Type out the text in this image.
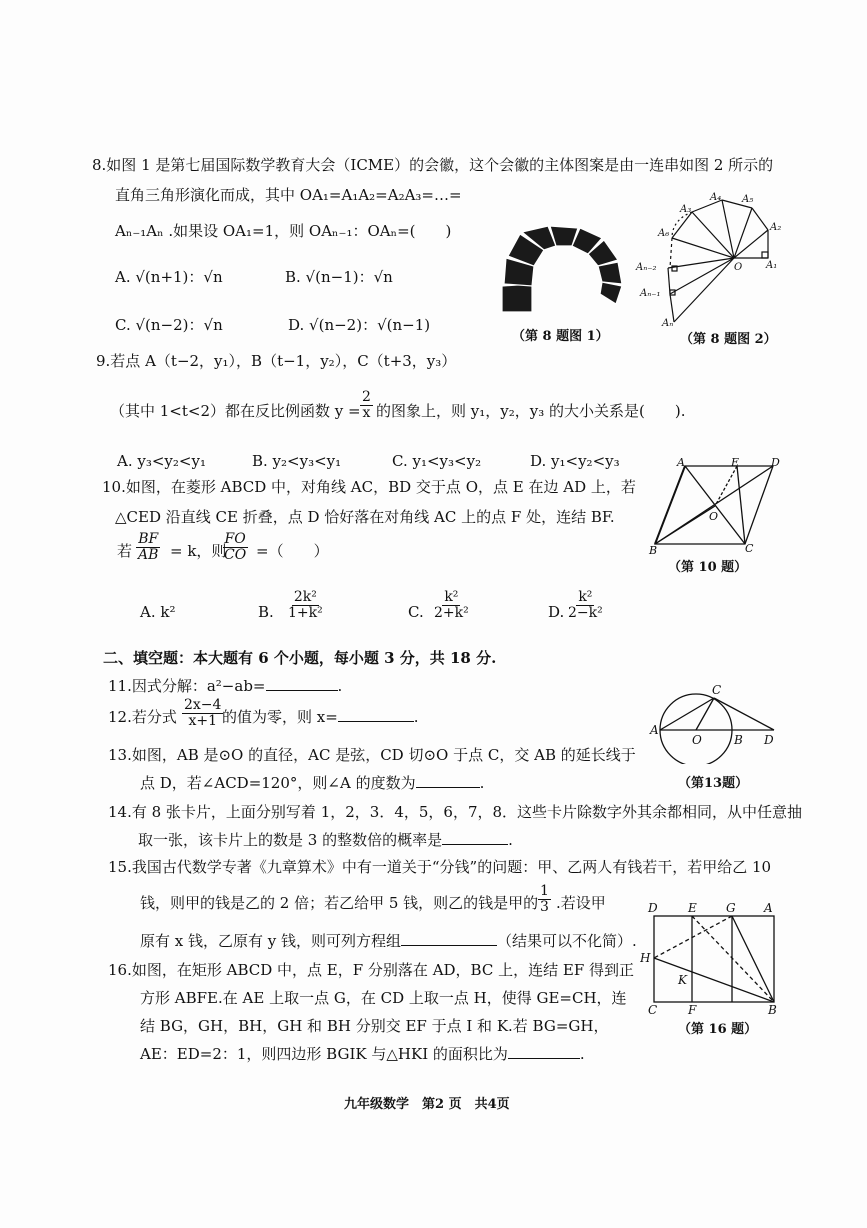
8.如图 1 是第七届国际数学教育大会（ICME）的会徽，这个会徽的主体图案是由一连串如图 2 所示的
直角三角形演化而成，其中 OA₁=A₁A₂=A₂A₃=…=
Aₙ₋₁Aₙ .如果设 OA₁=1，则 OAₙ₋₁：OAₙ=(　　)
A. √(n+1)：√n	B. √(n−1)：√n
C. √(n−2)：√n	D. √(n−2)：√(n−1)
（第 8 题图 1）
A₃
A₄ A₅
A₆
A₂
O A₁
Aₙ₋₂
Aₙ₋₁
Aₙ
（第 8 题图 2）
9.若点 A（t−2，y₁），B（t−1，y₂），C（t+3，y₃）
（其中 1<t<2）都在反比例函数 $y = \frac{2}{x}$ 的图象上，则 y₁，y₂，y₃ 的大小关系是(　　).
A. y₃<y₂<y₁	B. y₂<y₃<y₁	C. y₁<y₃<y₂	D. y₁<y₂<y₃
10.如图，在菱形 ABCD 中，对角线 AC，BD 交于点 O，点 E 在边 AD 上，若
△CED 沿直线 CE 折叠，点 D 恰好落在对角线 AC 上的点 F 处，连结 BF.
若 $\frac{BF}{AB} = k$，则
$\frac{FO}{CO}$ =（　　）
A. k²	B. $\frac{\text{2k²}}{\text{1+k²}}$	C. $\frac{\text{k²}}{\text{2+k²}}$	D. $\frac{\text{k²}}{\text{2−k²}}$
A	E	D
O
B	C
（第 10 题）
二、填空题：本大题有 6 个小题，每小题 3 分，共 18 分.
11.因式分解：a²−ab=	.
12.若分式 $\frac{2x-4}{x+1}$
的值为零，则 x=	.
13.如图，AB 是⊙O 的直径，AC 是弦，CD 切⊙O 于点 C，交 AB 的延长线于
点 D，若∠ACD=120°，则∠A 的度数为	.
C
A
O	B D
（第13题）
14.有 8 张卡片，上面分别写着 1，2，3．4，5，6，7，8．这些卡片除数字外其余都相同，从中任意抽
取一张，该卡片上的数是 3 的整数倍的概率是	.
15.我国古代数学专著《九章算术》中有一道关于“分钱”的问题：甲、乙两人有钱若干，若甲给乙 10
钱，则甲的钱是乙的 2 倍；若乙给甲 5 钱，则乙的钱是甲的 $\frac{1}{3}$ .若设甲
原有 x 钱，乙原有 y 钱，则可列方程组	（结果可以不化简）.
16.如图，在矩形 ABCD 中，点 E，F 分别落在 AD，BC 上，连结 EF 得到正
方形 ABFE.在 AE 上取一点 G，在 CD 上取一点 H，使得 GE=CH，连
结 BG，GH，BH，GH 和 BH 分别交 EF 于点 I 和 K.若 BG=GH，
AE：ED=2：1，则四边形 BGIK 与△HKI 的面积比为	.
D	E G A
H
K
C	F	B
（第 16 题）
九年级数学　第2 页　共4页
